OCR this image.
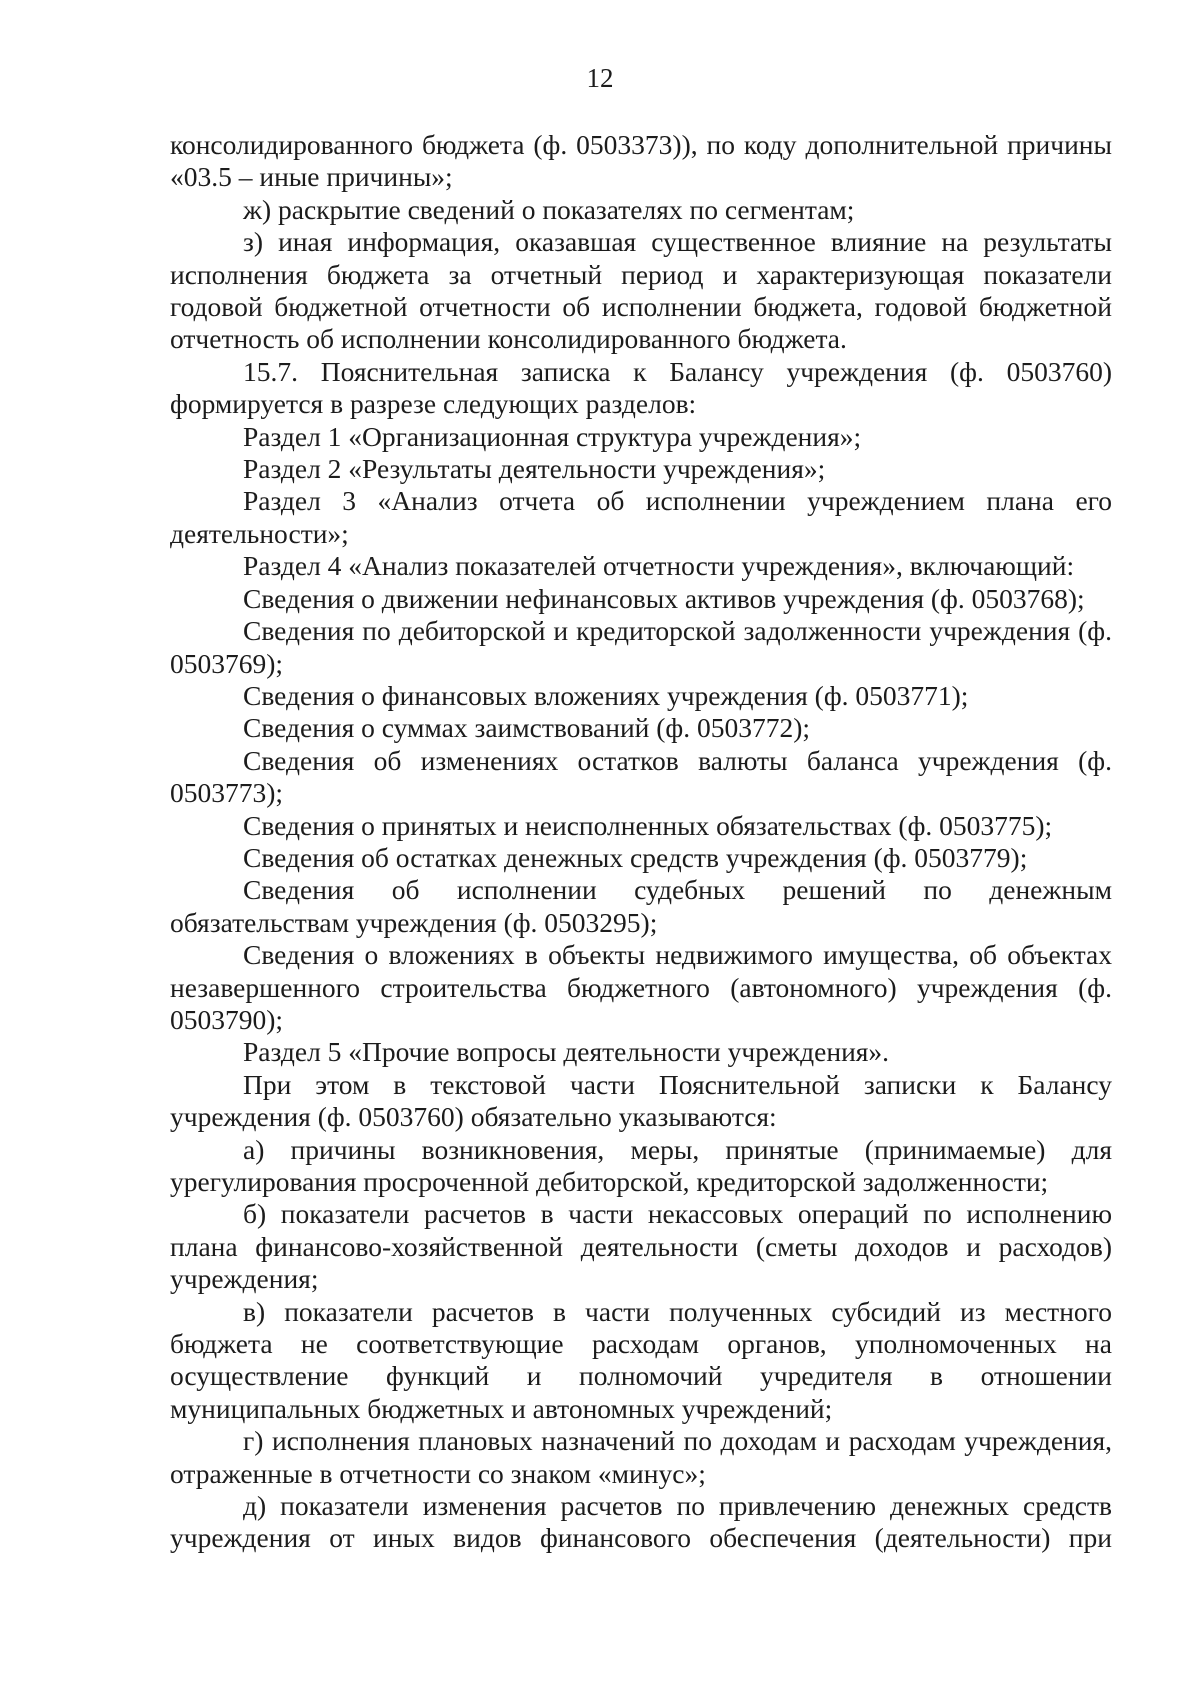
12

консолидированного бюджета (ф. 0503373)), по коду дополнительной причины «03.5 – иные причины»;

ж) раскрытие сведений о показателях по сегментам;

з) иная информация, оказавшая существенное влияние на результаты исполнения бюджета за отчетный период и характеризующая показатели годовой бюджетной отчетности об исполнении бюджета, годовой бюджетной отчетность об исполнении консолидированного бюджета.

15.7. Пояснительная записка к Балансу учреждения (ф. 0503760) формируется в разрезе следующих разделов:

Раздел 1 «Организационная структура учреждения»;

Раздел 2 «Результаты деятельности учреждения»;

Раздел 3 «Анализ отчета об исполнении учреждением плана его деятельности»;

Раздел 4 «Анализ показателей отчетности учреждения», включающий:

Сведения о движении нефинансовых активов учреждения (ф. 0503768);

Сведения по дебиторской и кредиторской задолженности учреждения (ф. 0503769);

Сведения о финансовых вложениях учреждения (ф. 0503771);

Сведения о суммах заимствований (ф. 0503772);

Сведения об изменениях остатков валюты баланса учреждения (ф. 0503773);

Сведения о принятых и неисполненных обязательствах (ф. 0503775);

Сведения об остатках денежных средств учреждения (ф. 0503779);

Сведения об исполнении судебных решений по денежным обязательствам учреждения (ф. 0503295);

Сведения о вложениях в объекты недвижимого имущества, об объектах незавершенного строительства бюджетного (автономного) учреждения (ф. 0503790);

Раздел 5 «Прочие вопросы деятельности учреждения».

При этом в текстовой части Пояснительной записки к Балансу учреждения (ф. 0503760) обязательно указываются:

а) причины возникновения, меры, принятые (принимаемые) для урегулирования просроченной дебиторской, кредиторской задолженности;

б) показатели расчетов в части некассовых операций по исполнению плана финансово-хозяйственной деятельности (сметы доходов и расходов) учреждения;

в) показатели расчетов в части полученных субсидий из местного бюджета не соответствующие расходам органов, уполномоченных на осуществление функций и полномочий учредителя в отношении муниципальных бюджетных и автономных учреждений;

г) исполнения плановых назначений по доходам и расходам учреждения, отраженные в отчетности со знаком «минус»;

д) показатели изменения расчетов по привлечению денежных средств учреждения от иных видов финансового обеспечения (деятельности) при
